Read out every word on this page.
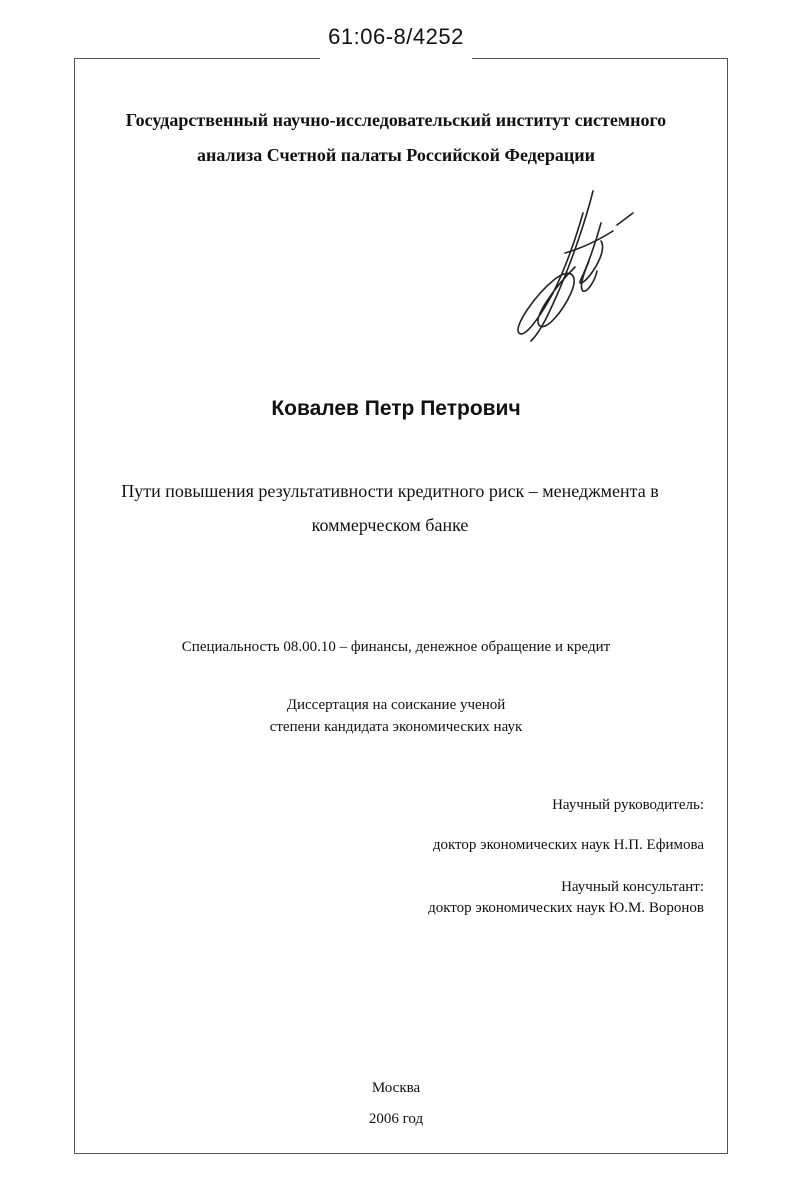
61:06-8/4252
Государственный научно-исследовательский институт системного
анализа Счетной палаты Российской Федерации
Ковалев Петр Петрович
Пути повышения результативности кредитного риск – менеджмента в
коммерческом банке
Специальность 08.00.10 – финансы, денежное обращение и кредит
Диссертация на соискание ученой
степени кандидата экономических наук
Научный руководитель:
доктор экономических наук Н.П. Ефимова
Научный консультант:
доктор экономических наук Ю.М. Воронов
Москва
2006 год
